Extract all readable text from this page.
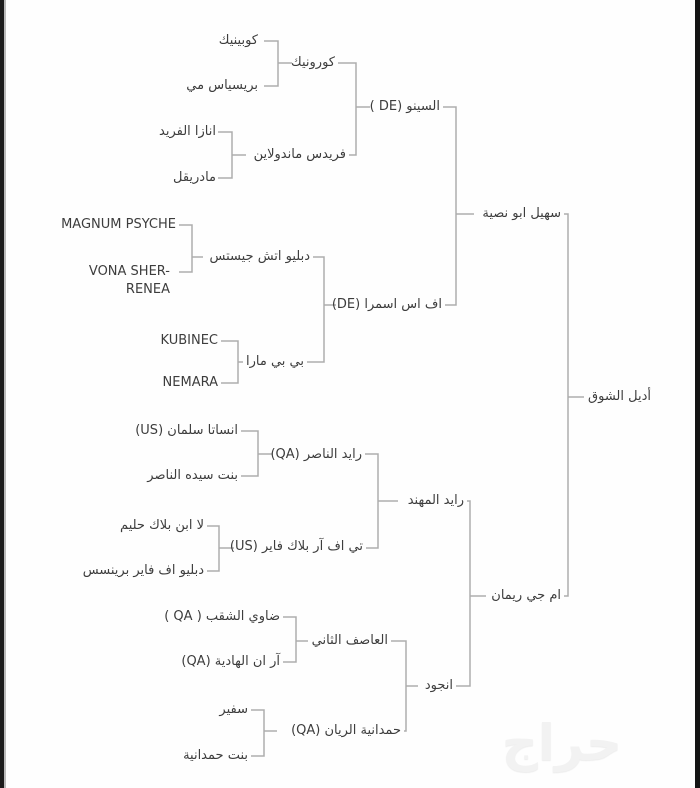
كوبينيك
بريسياس مي
انازا الفريد
مادريقل
MAGNUM PSYCHE
VONA SHER-RENEA
KUBINEC
NEMARA
انساتا سلمان (US)
بنت سيده الناصر
لا ابن بلاك حليم
دبليو اف فاير برينسس
ضاوي الشقب ( QA )
آر ان الهادية (QA)
سفير
بنت حمدانية
كورونيك
فريدس ماندولاين
دبليو اتش جيستس
بي بي مارا
رايد الناصر (QA)
تي اف آر بلاك فاير (US)
العاصف الثاني
حمدانية الريان (QA)
السينو (DE )
اف اس اسمرا (DE)
رايد المهند
انجود
سهيل ابو نصية
ام جي ريمان
أديل الشوق
حراج
